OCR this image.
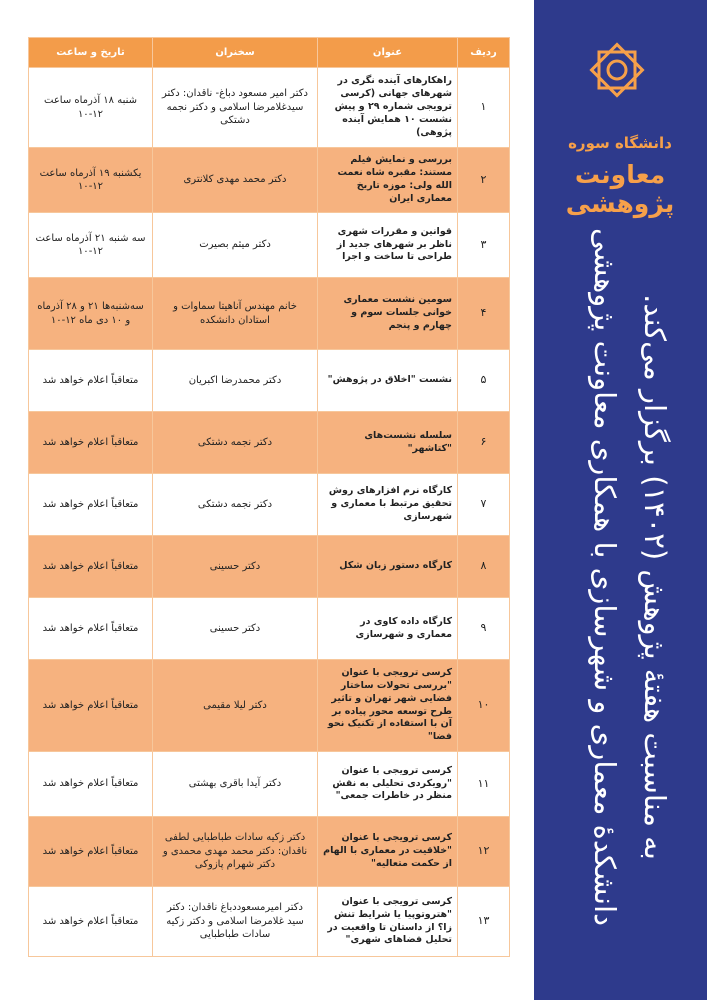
دانشگاه سوره
معاونت پژوهشی
دانشکدهٔ معماری و شهرسازی با همکاری معاونت پژوهشی به مناسبت هفتهٔ پژوهش (۱۴۰۲) برگزار می‌کند.
ردیف	عنوان	سخنران	تاریخ و ساعت
۱	راهکارهای آینده نگری در شهرهای جهانی (کرسی ترویجی شماره ۲۹ و پیش نشست ۱۰ همایش آینده پژوهی)	دکتر امیر مسعود دباغ- ناقدان: دکتر سیدغلامرضا اسلامی و دکتر نجمه دشتکی	شنبه ۱۸ آذرماه ساعت ۱۲-۱۰
۲	بررسی و نمایش فیلم مستند: مقبره شاه نعمت الله ولی: موزه تاریخ معماری ایران	دکتر محمد مهدی کلانتری	یکشنبه ۱۹ آذرماه ساعت ۱۲-۱۰
۳	قوانین و مقررات شهری ناظر بر شهرهای جدید از طراحی تا ساخت و اجرا	دکتر میثم بصیرت	سه شنبه ۲۱ آذرماه ساعت ۱۲-۱۰
۴	سومین نشست معماری خوانی جلسات سوم و چهارم و پنجم	خانم مهندس آناهیتا سماوات و استادان دانشکده	سه‌شنبه‌ها ۲۱ و ۲۸ آذرماه و ۱۰ دی ماه ۱۲-۱۰
۵	نشست "اخلاق در پژوهش"	دکتر محمدرضا اکبریان	متعاقباً اعلام خواهد شد
۶	سلسله نشست‌های "کتاشهر"	دکتر نجمه دشتکی	متعاقباً اعلام خواهد شد
۷	کارگاه نرم افزارهای روش تحقیق مرتبط با معماری و شهرسازی	دکتر نجمه دشتکی	متعاقباً اعلام خواهد شد
۸	کارگاه دستور زبان شکل	دکتر حسینی	متعاقباً اعلام خواهد شد
۹	کارگاه داده کاوی در معماری و شهرسازی	دکتر حسینی	متعاقباً اعلام خواهد شد
۱۰	کرسی ترویجی با عنوان "بررسی تحولات ساختار فضایی شهر تهران و تاثیر طرح توسعه محور پیاده بر آن با استفاده از تکنیک نحو فضا"	دکتر لیلا مقیمی	متعاقباً اعلام خواهد شد
۱۱	کرسی ترویجی با عنوان "رویکردی تحلیلی به نقش منظر در خاطرات جمعی"	دکتر آیدا باقری بهشتی	متعاقباً اعلام خواهد شد
۱۲	کرسی ترویجی با عنوان "خلاقیت در معماری با الهام از حکمت متعالیه"	دکتر زکیه سادات طباطبایی لطفی ناقدان: دکتر محمد مهدی محمدی و دکتر شهرام پازوکی	متعاقباً اعلام خواهد شد
۱۳	کرسی ترویجی با عنوان "هتروتوپیا یا شرایط تنش زا؟ از داستان تا واقعیت در تحلیل فضاهای شهری"	دکتر امیرمسعوددباغ ناقدان: دکتر سید غلامرضا اسلامی و دکتر زکیه سادات طباطبایی	متعاقباً اعلام خواهد شد
